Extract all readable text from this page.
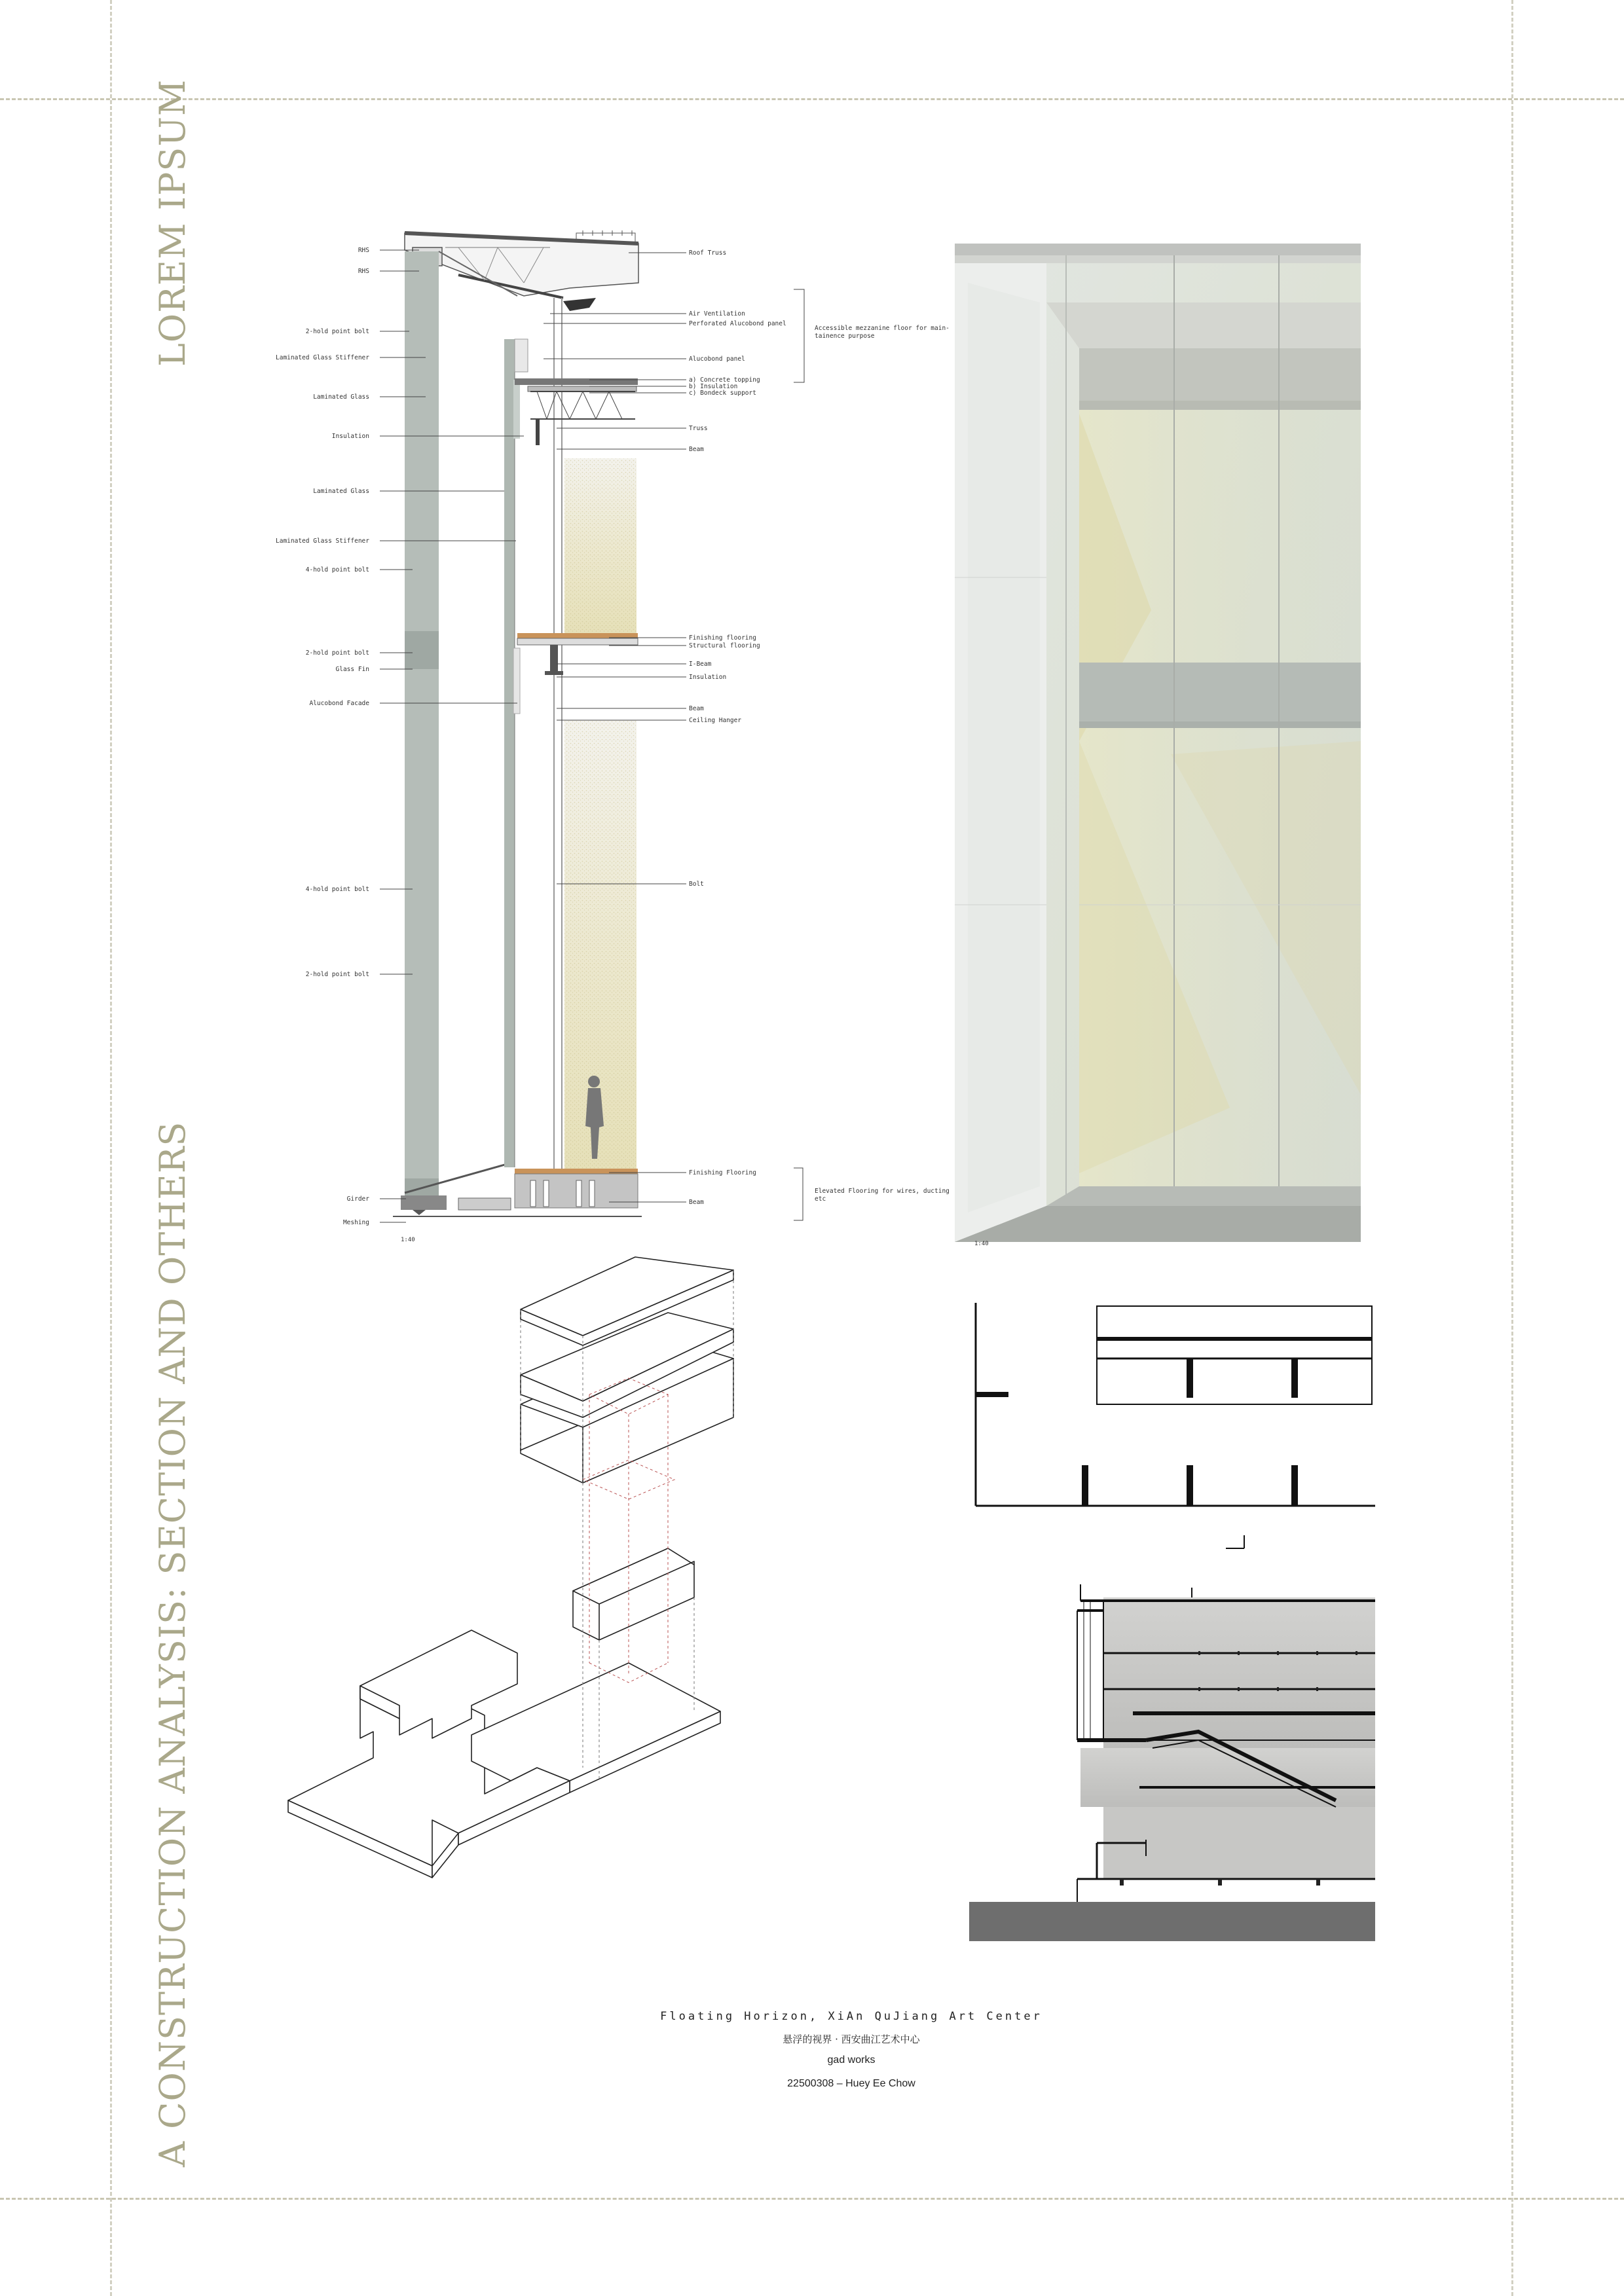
LOREM IPSUM
A CONSTRUCTION ANALYSIS: SECTION AND OTHERS
RHS
RHS
2-hold point bolt
Laminated Glass Stiffener
Laminated Glass
Insulation
Laminated Glass
Laminated Glass Stiffener
4-hold point bolt
2-hold point bolt
Glass Fin
Alucobond Facade
4-hold point bolt
2-hold point bolt
Girder
Meshing
Roof Truss
Air Ventilation
Perforated Alucobond panel
Alucobond panel
a) Concrete topping
b) Insulation
c) Bondeck support
Truss
Beam
Finishing flooring
Structural flooring
I-Beam
Insulation
Beam
Ceiling Hanger
Bolt
Finishing Flooring
Beam
Accessible mezzanine floor for main-
tainence purpose
Elevated Flooring for wires, ducting
etc
1:40
1:40
Floating Horizon, XiAn QuJiang Art Center
悬浮的视界 · 西安曲江艺术中心
gad works
22500308 – Huey Ee Chow
